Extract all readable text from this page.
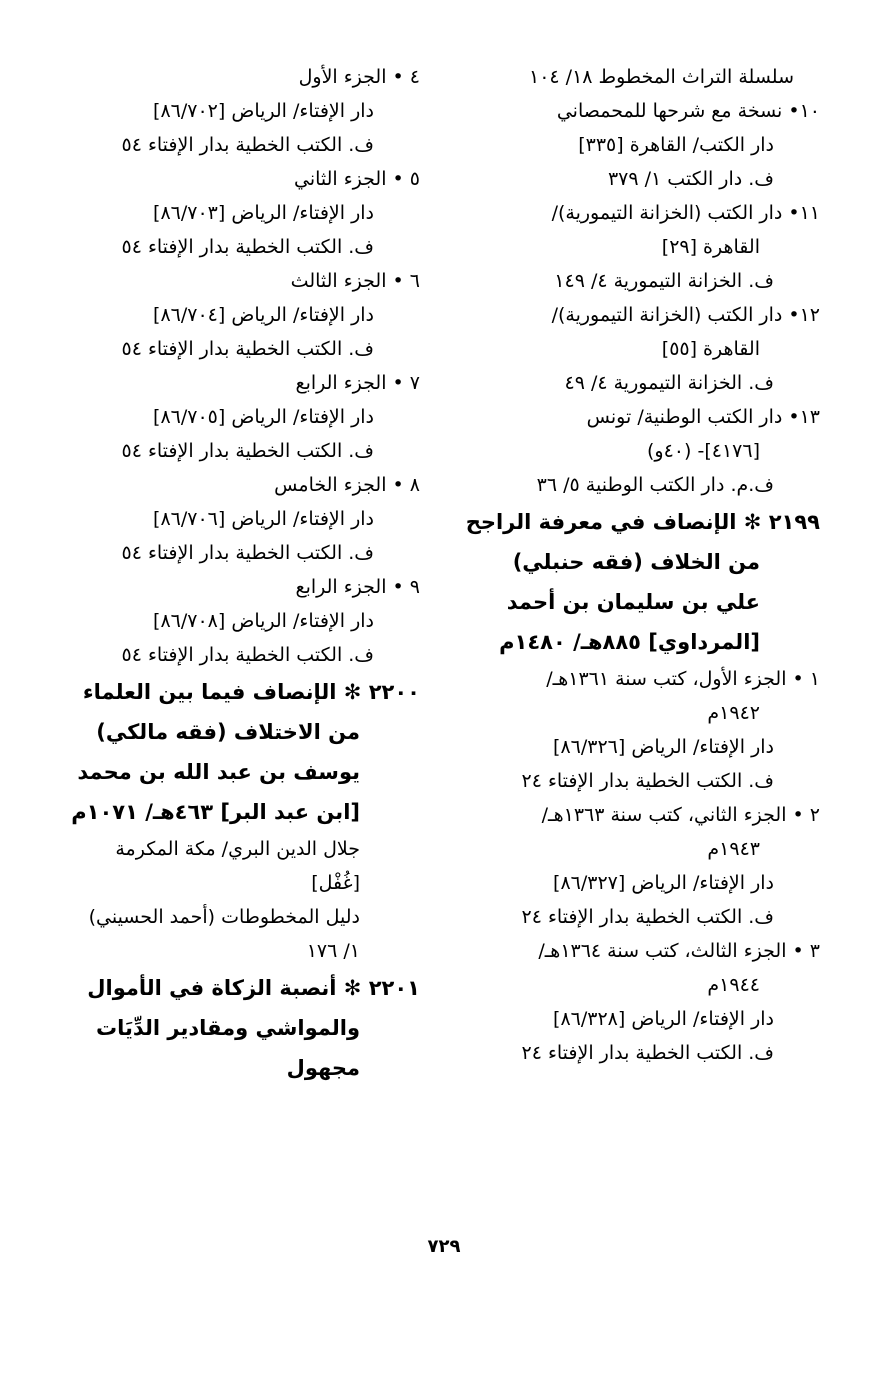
سلسلة التراث المخطوط ١٨/ ١٠٤
١٠• نسخة مع شرحها للمحمصاني
دار الكتب/ القاهرة [٣٣٥]
ف. دار الكتب ١/ ٣٧٩
١١• دار الكتب (الخزانة التيمورية)/
القاهرة [٢٩]
ف. الخزانة التيمورية ٤/ ١٤٩
١٢• دار الكتب (الخزانة التيمورية)/
القاهرة [٥٥]
ف. الخزانة التيمورية ٤/ ٤٩
١٣• دار الكتب الوطنية/ تونس
[٤١٧٦]- (٤٠و)
ف.م. دار الكتب الوطنية ٥/ ٣٦
٢١٩٩ ✻ الإنصاف في معرفة الراجح
من الخلاف (فقه حنبلي)
علي بن سليمان بن أحمد
[المرداوي] ٨٨٥هـ/ ١٤٨٠م
١ • الجزء الأول، كتب سنة ١٣٦١هـ/
١٩٤٢م
دار الإفتاء/ الرياض [٨٦/٣٢٦]
ف. الكتب الخطية بدار الإفتاء ٢٤
٢ • الجزء الثاني، كتب سنة ١٣٦٣هـ/
١٩٤٣م
دار الإفتاء/ الرياض [٨٦/٣٢٧]
ف. الكتب الخطية بدار الإفتاء ٢٤
٣ • الجزء الثالث، كتب سنة ١٣٦٤هـ/
١٩٤٤م
دار الإفتاء/ الرياض [٨٦/٣٢٨]
ف. الكتب الخطية بدار الإفتاء ٢٤
٤ • الجزء الأول
دار الإفتاء/ الرياض [٨٦/٧٠٢]
ف. الكتب الخطية بدار الإفتاء ٥٤
٥ • الجزء الثاني
دار الإفتاء/ الرياض [٨٦/٧٠٣]
ف. الكتب الخطية بدار الإفتاء ٥٤
٦ • الجزء الثالث
دار الإفتاء/ الرياض [٨٦/٧٠٤]
ف. الكتب الخطية بدار الإفتاء ٥٤
٧ • الجزء الرابع
دار الإفتاء/ الرياض [٨٦/٧٠٥]
ف. الكتب الخطية بدار الإفتاء ٥٤
٨ • الجزء الخامس
دار الإفتاء/ الرياض [٨٦/٧٠٦]
ف. الكتب الخطية بدار الإفتاء ٥٤
٩ • الجزء الرابع
دار الإفتاء/ الرياض [٨٦/٧٠٨]
ف. الكتب الخطية بدار الإفتاء ٥٤
٢٢٠٠ ✻ الإنصاف فيما بين العلماء
من الاختلاف (فقه مالكي)
يوسف بن عبد الله بن محمد
[ابن عبد البر] ٤٦٣هـ/ ١٠٧١م
جلال الدين البري/ مكة المكرمة
[غُفْل]
دليل المخطوطات (أحمد الحسيني)
١/ ١٧٦
٢٢٠١ ✻ أنصبة الزكاة في الأموال
والمواشي ومقادير الدِّيَات
مجهول
٧٢٩
